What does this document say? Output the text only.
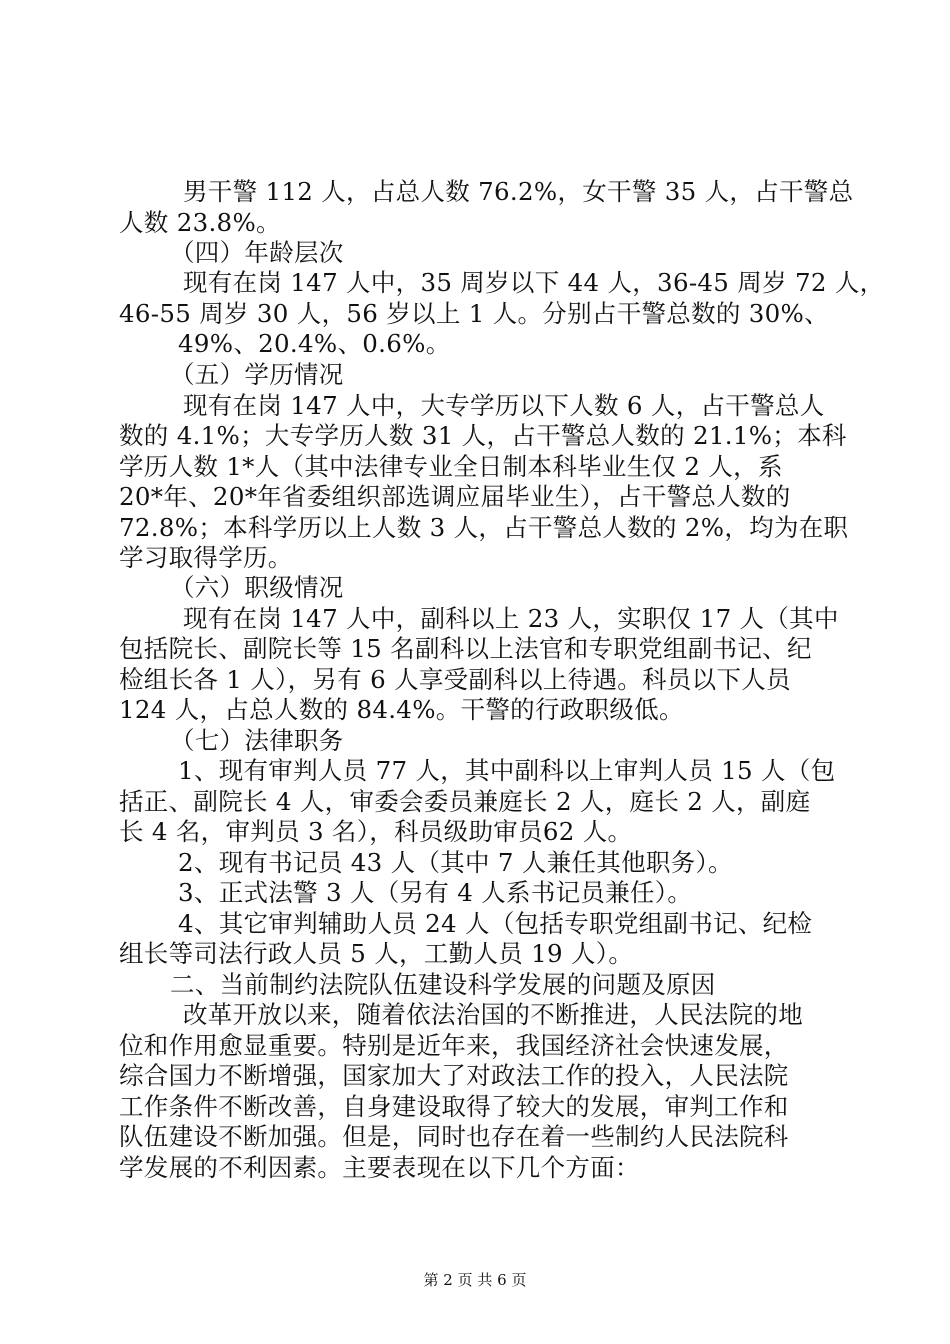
男干警 112 人，占总人数 76.2%，女干警 35 人，占干警总
人数 23.8%。
（四）年龄层次
现有在岗 147 人中，35 周岁以下 44 人，36-45 周岁 72 人，
46-55 周岁 30 人，56 岁以上 1 人。分别占干警总数的 30%、
49%、20.4%、0.6%。
（五）学历情况
现有在岗 147 人中，大专学历以下人数 6 人，占干警总人
数的 4.1%；大专学历人数 31 人，占干警总人数的 21.1%；本科
学历人数 1*人（其中法律专业全日制本科毕业生仅 2 人，系
20*年、20*年省委组织部选调应届毕业生），占干警总人数的
72.8%；本科学历以上人数 3 人，占干警总人数的 2%，均为在职
学习取得学历。
（六）职级情况
现有在岗 147 人中，副科以上 23 人，实职仅 17 人（其中
包括院长、副院长等 15 名副科以上法官和专职党组副书记、纪
检组长各 1 人），另有 6 人享受副科以上待遇。科员以下人员
124 人，占总人数的 84.4%。干警的行政职级低。
（七）法律职务
1、现有审判人员 77 人，其中副科以上审判人员 15 人（包
括正、副院长 4 人，审委会委员兼庭长 2 人，庭长 2 人，副庭
长 4 名，审判员 3 名），科员级助审员62 人。
2、现有书记员 43 人（其中 7 人兼任其他职务）。
3、正式法警 3 人（另有 4 人系书记员兼任）。
4、其它审判辅助人员 24 人（包括专职党组副书记、纪检
组长等司法行政人员 5 人，工勤人员 19 人）。
二、当前制约法院队伍建设科学发展的问题及原因
改革开放以来，随着依法治国的不断推进，人民法院的地
位和作用愈显重要。特别是近年来，我国经济社会快速发展，
综合国力不断增强，国家加大了对政法工作的投入，人民法院
工作条件不断改善，自身建设取得了较大的发展，审判工作和
队伍建设不断加强。但是，同时也存在着一些制约人民法院科
学发展的不利因素。主要表现在以下几个方面：
第 2 页 共 6 页
